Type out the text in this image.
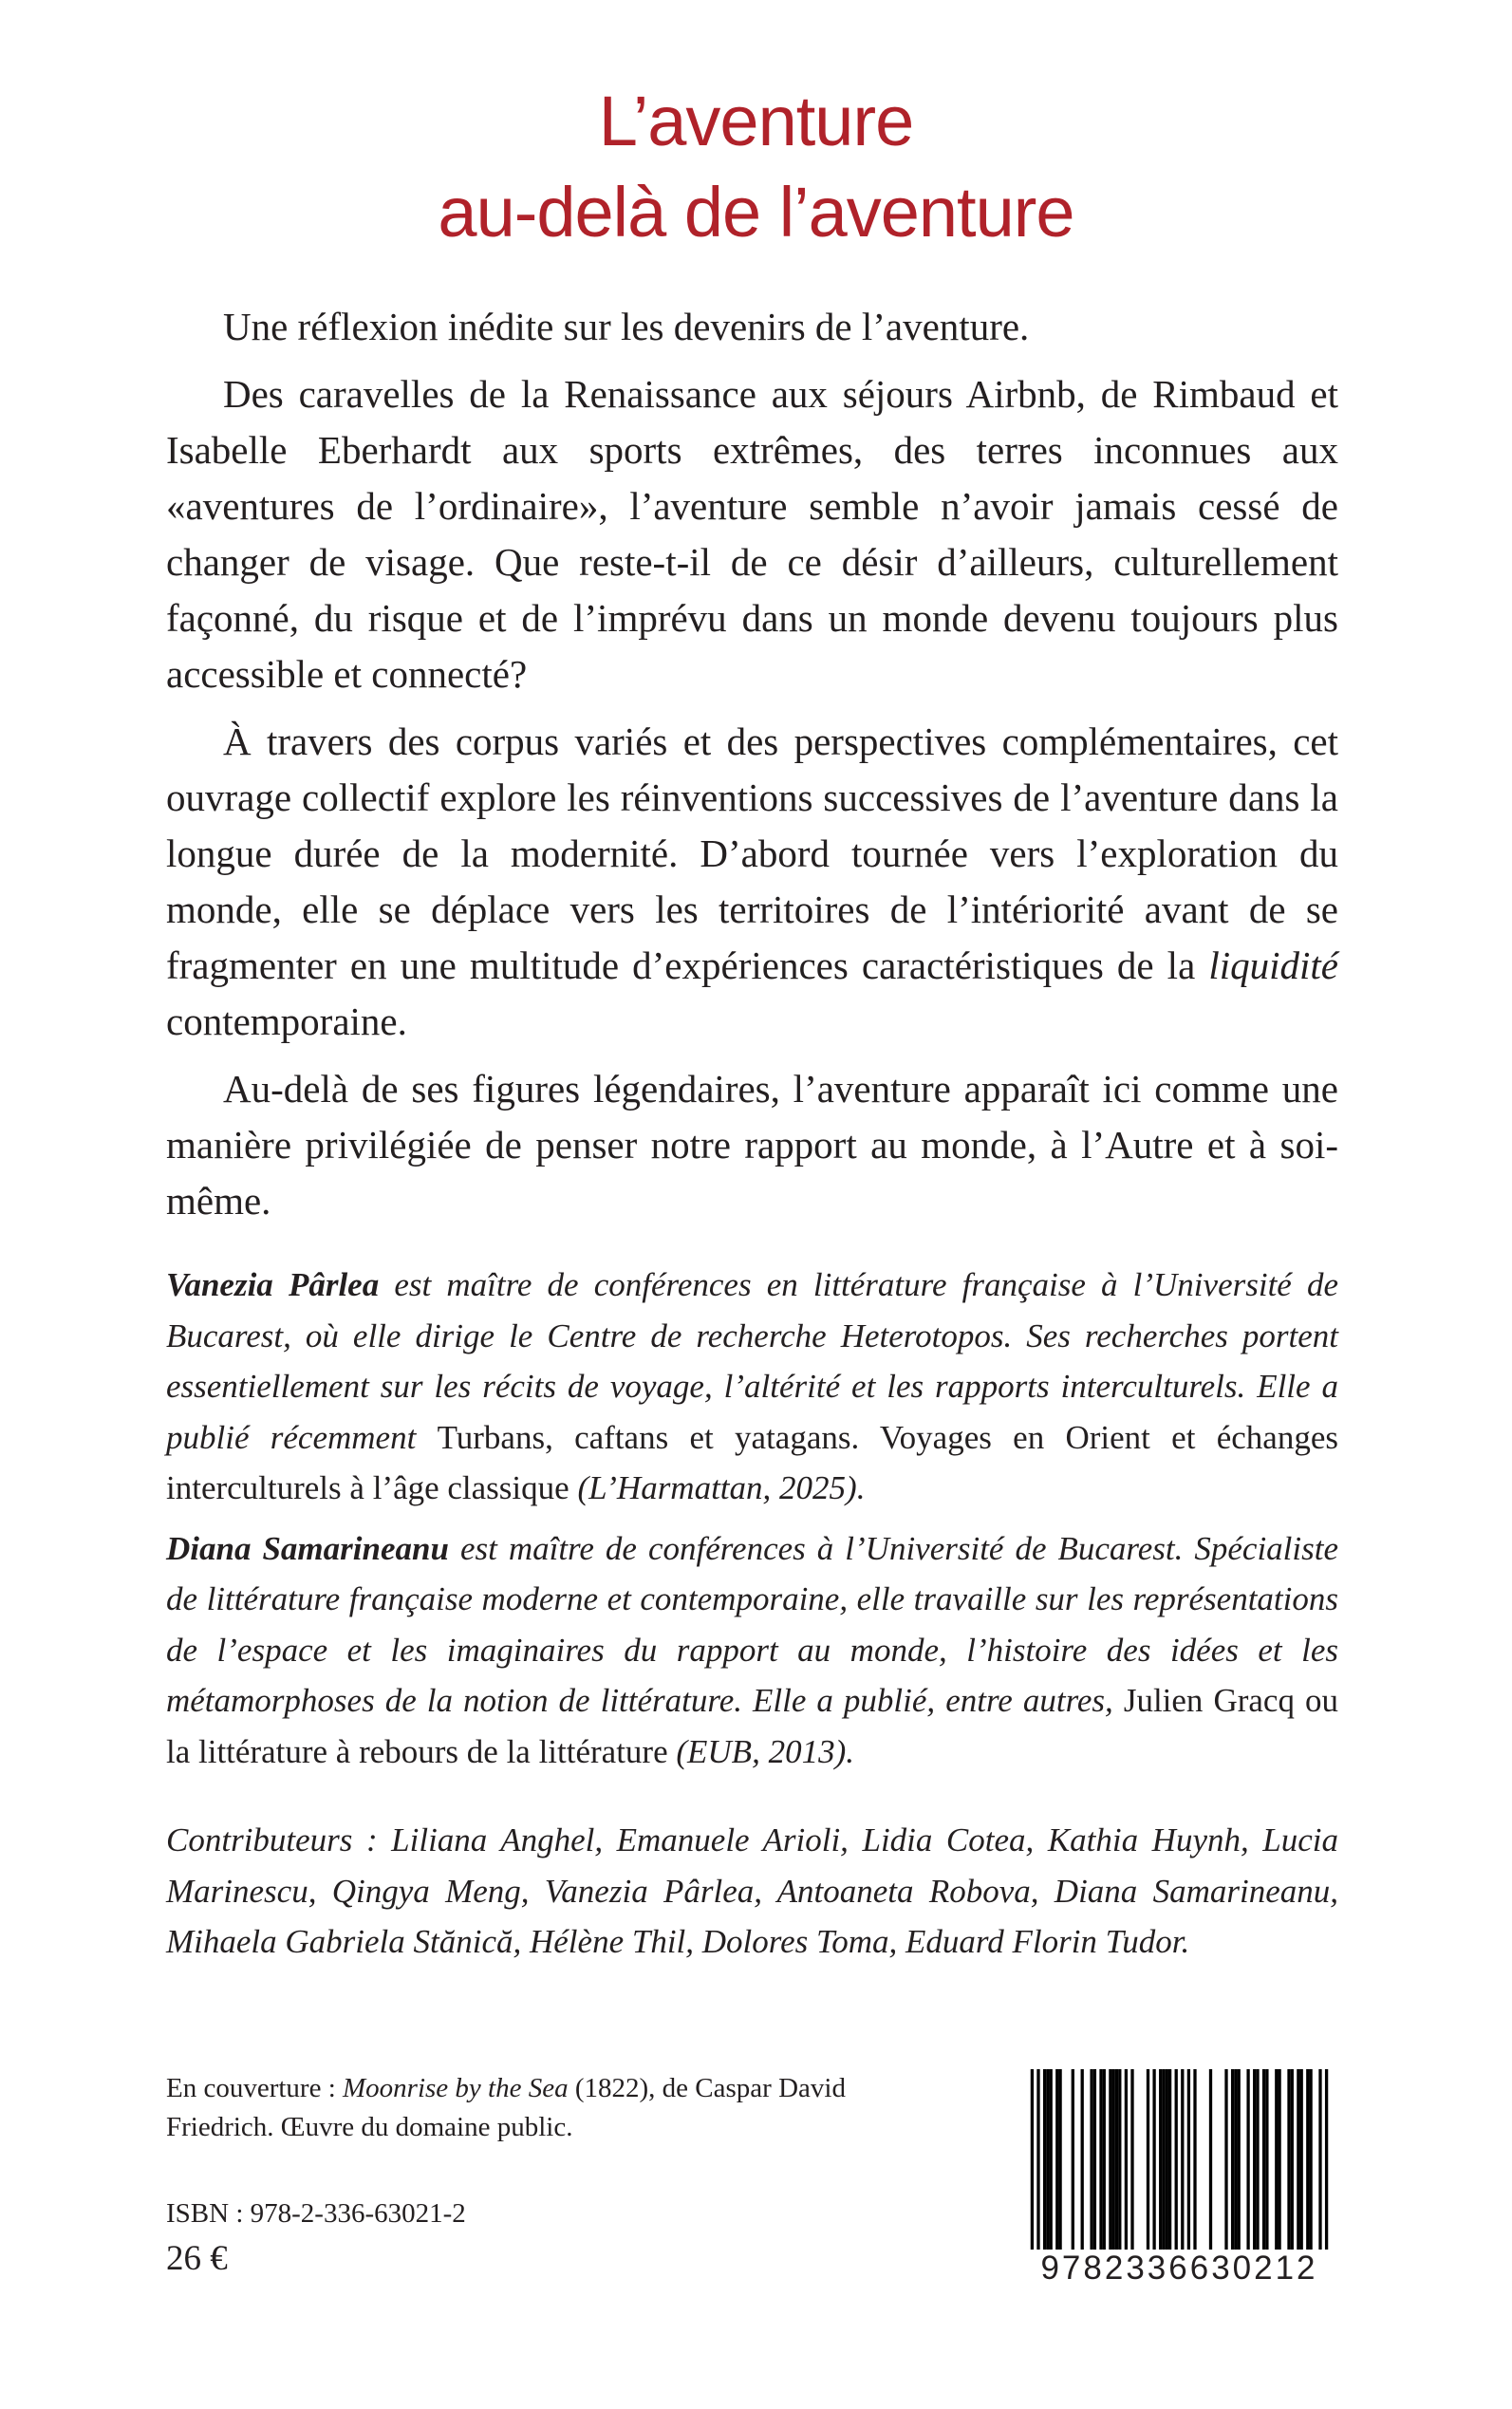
L’aventure
au-delà de l’aventure

Une réflexion inédite sur les devenirs de l’aventure.

Des caravelles de la Renaissance aux séjours Airbnb, de Rimbaud et Isabelle Eberhardt aux sports extrêmes, des terres inconnues aux «aventures de l’ordinaire», l’aventure semble n’avoir jamais cessé de changer de visage. Que reste-t-il de ce désir d’ailleurs, culturellement façonné, du risque et de l’imprévu dans un monde devenu toujours plus accessible et connecté?

À travers des corpus variés et des perspectives complémentaires, cet ouvrage collectif explore les réinventions successives de l’aventure dans la longue durée de la modernité. D’abord tournée vers l’exploration du monde, elle se déplace vers les territoires de l’intériorité avant de se fragmenter en une multitude d’expériences caractéristiques de la liquidité contemporaine.

Au-delà de ses figures légendaires, l’aventure apparaît ici comme une manière privilégiée de penser notre rapport au monde, à l’Autre et à soi-même.

Vanezia Pârlea est maître de conférences en littérature française à l’Université de Bucarest, où elle dirige le Centre de recherche Heterotopos. Ses recherches portent essentiellement sur les récits de voyage, l’altérité et les rapports interculturels. Elle a publié récemment Turbans, caftans et yatagans. Voyages en Orient et échanges interculturels à l’âge classique (L’Harmattan, 2025).

Diana Samarineanu est maître de conférences à l’Université de Bucarest. Spécialiste de littérature française moderne et contemporaine, elle travaille sur les représentations de l’espace et les imaginaires du rapport au monde, l’histoire des idées et les métamorphoses de la notion de littérature. Elle a publié, entre autres, Julien Gracq ou la littérature à rebours de la littérature (EUB, 2013).

Contributeurs : Liliana Anghel, Emanuele Arioli, Lidia Cotea, Kathia Huynh, Lucia Marinescu, Qingya Meng, Vanezia Pârlea, Antoaneta Robova, Diana Samarineanu, Mihaela Gabriela Stănică, Hélène Thil, Dolores Toma, Eduard Florin Tudor.

En couverture : Moonrise by the Sea (1822), de Caspar David Friedrich. Œuvre du domaine public.
ISBN : 978-2-336-63021-2
26 €	9782336630212
